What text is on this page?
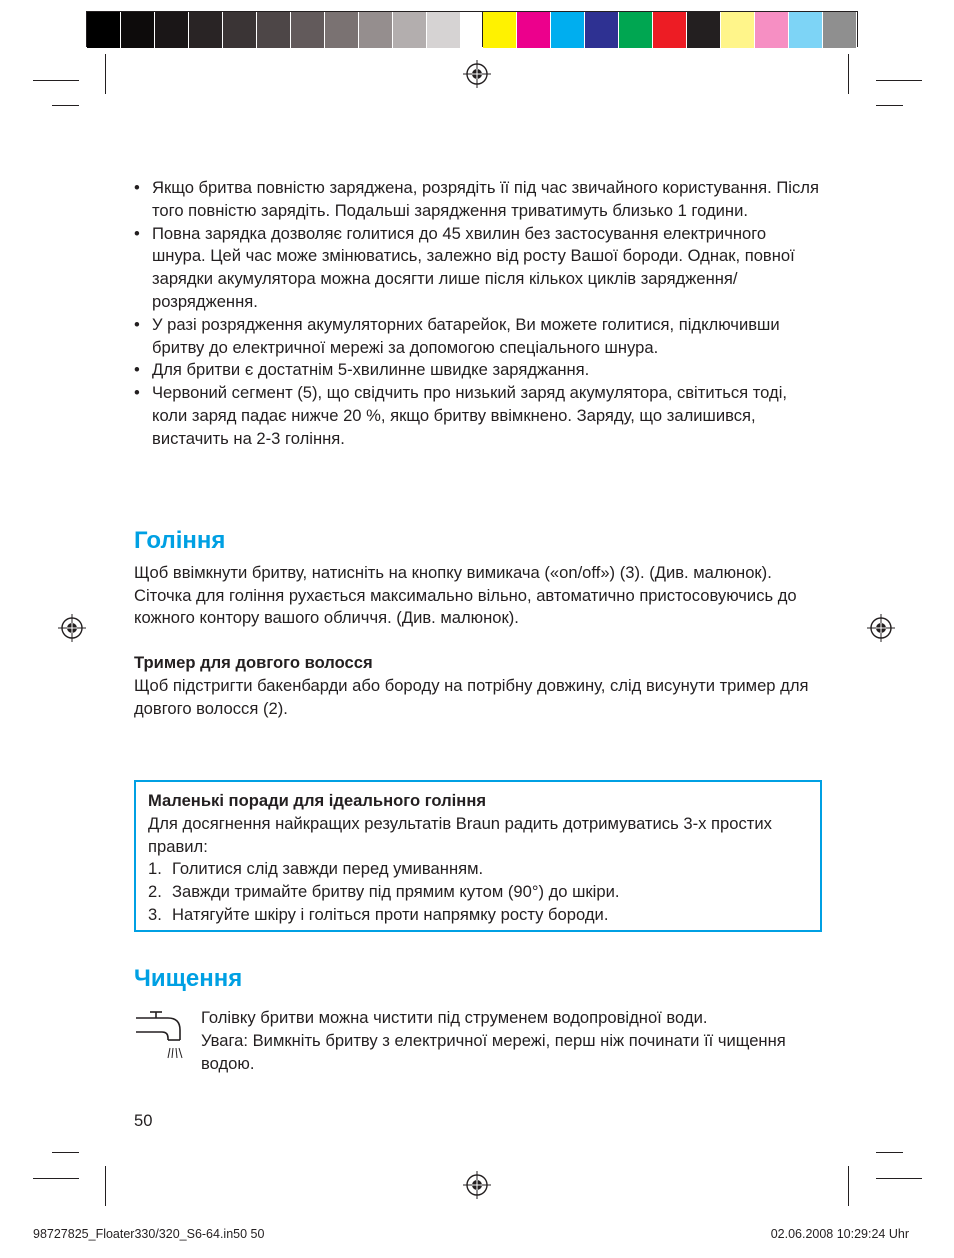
• Якщо бритва повністю заряджена, розрядіть її під час звичайного користування. Після того повністю зарядіть. Подальші зарядження триватимуть близько 1 години.
• Повна зарядка дозволяє голитися до 45 хвилин без застосування електричного шнура. Цей час може змінюватись, залежно від росту Вашої бороди. Однак, повної зарядки акумулятора можна досягти лише після кількох циклів зарядження/розрядження.
• У разі розрядження акумуляторних батарейок, Ви можете голитися, підключивши бритву до електричної мережі за допомогою спеціального шнура.
• Для бритви є достатнім 5-хвилинне швидке заряджання.
• Червоний сегмент (5), що свідчить про низький заряд акумулятора, світиться тоді, коли заряд падає нижче 20 %, якщо бритву ввімкнено. Заряду, що залишився, вистачить на 2-3 гоління.
Гоління
Щоб ввімкнути бритву, натисніть на кнопку вимикача («on/off») (3). (Див. малюнок).
Сіточка для гоління рухається максимально вільно, автоматично пристосовуючись до кожного контору вашого обличчя. (Див. малюнок).
Тример для довгого волосся
Щоб підстригти бакенбарди або бороду на потрібну довжину, слід висунути тример для довгого волосся (2).
Маленькі поради для ідеального гоління
Для досягнення найкращих результатів Braun радить дотримуватись 3-х простих правил:
1. Голитися слід завжди перед умиванням.
2. Завжди тримайте бритву під прямим кутом (90°) до шкіри.
3. Натягуйте шкіру і голіться проти напрямку росту бороди.
Чищення
Голівку бритви можна чистити під струменем водопровідної води.
Увага: Вимкніть бритву з електричної мережі, перш ніж починати її чищення водою.
50
98727825_Floater330/320_S6-64.in50 50	02.06.2008 10:29:24 Uhr
